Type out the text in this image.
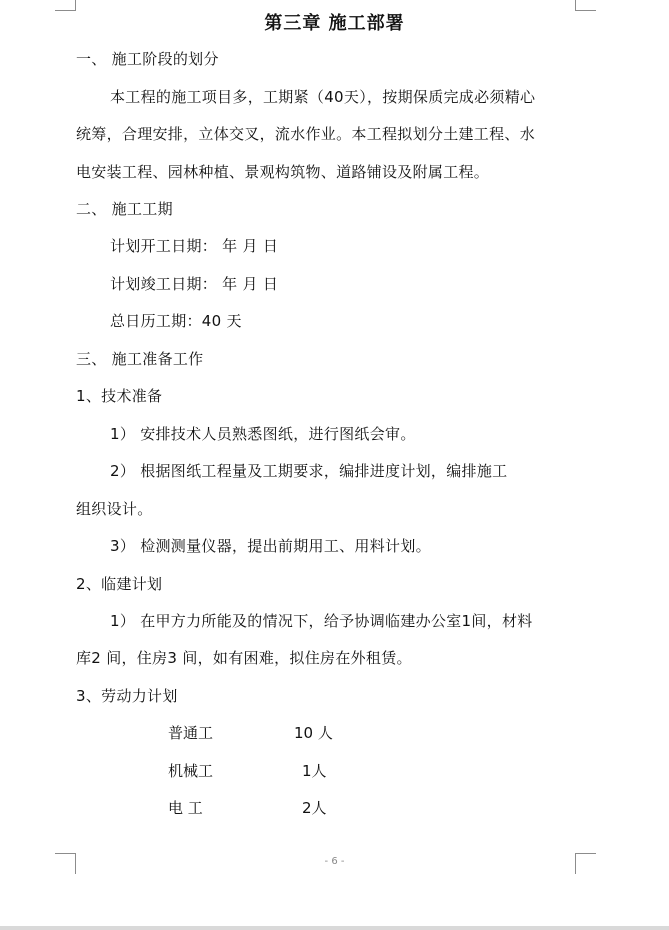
第三章 施工部署
一、 施工阶段的划分
本工程的施工项目多，工期紧（40天），按期保质完成必须精心
统筹，合理安排，立体交叉，流水作业。本工程拟划分土建工程、水
电安装工程、园林种植、景观构筑物、道路铺设及附属工程。
二、 施工工期
计划开工日期： 年 月 日
计划竣工日期： 年 月 日
总日历工期：40 天
三、 施工准备工作
1、技术准备
1） 安排技术人员熟悉图纸，进行图纸会审。
2） 根据图纸工程量及工期要求，编排进度计划，编排施工
组织设计。
3） 检测测量仪器，提出前期用工、用料计划。
2、临建计划
1） 在甲方力所能及的情况下，给予协调临建办公室1间，材料
库2 间，住房3 间，如有困难，拟住房在外租赁。
3、劳动力计划
普通工	10 人
机械工	1人
电 工	2人
- 6 -
